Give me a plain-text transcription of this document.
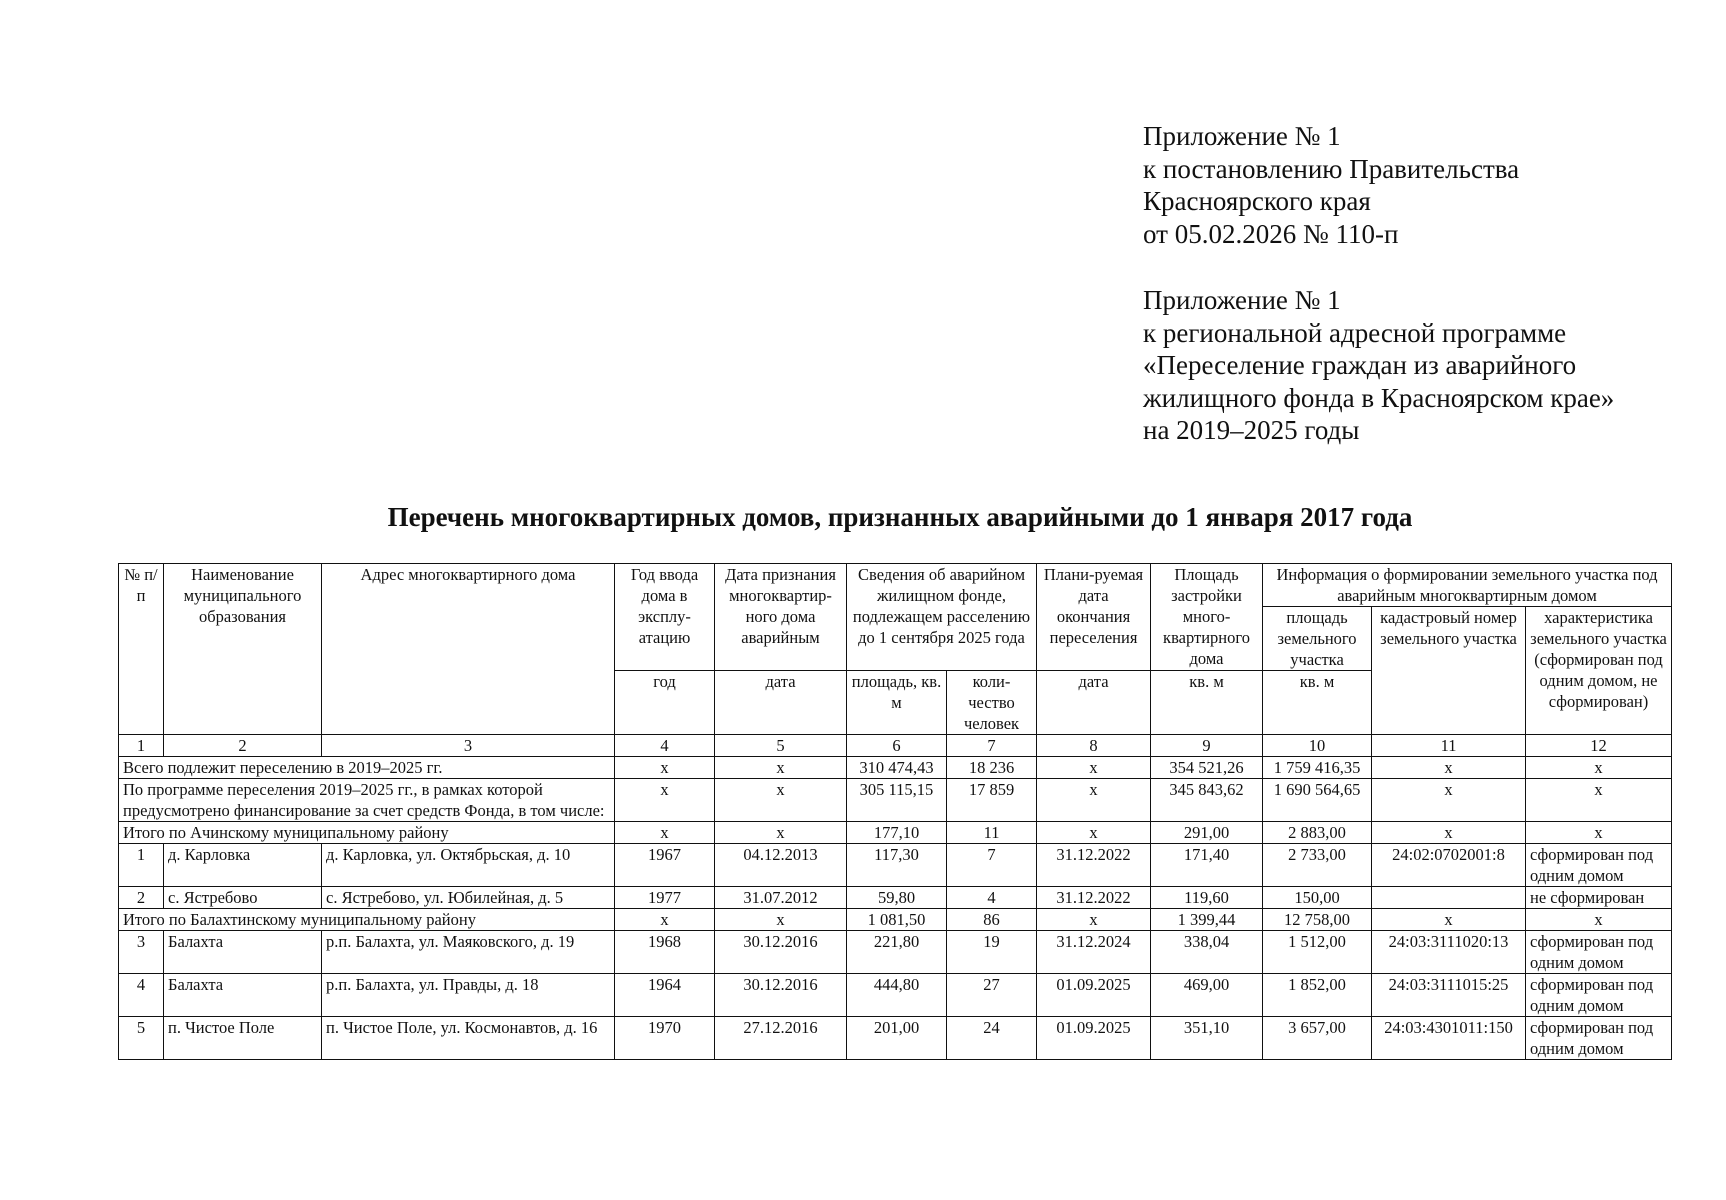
Приложение № 1
к постановлению Правительства
Красноярского края
от 05.02.2026 № 110-п
Приложение № 1
к региональной адресной программе
«Переселение граждан из аварийного
жилищного фонда в Красноярском крае»
на 2019–2025 годы
Перечень многоквартирных домов, признанных аварийными до 1 января 2017 года
№ п/п	Наименование муниципального образования	Адрес многоквартирного дома	Год ввода дома в эксплу-атацию	Дата признания многоквартир-ного дома аварийным	Сведения об аварийном жилищном фонде, подлежащем расселению до 1 сентября 2025 года		Плани-руемая дата окончания переселения	Площадь застройки много-квартирного дома	Информация о формировании земельного участка под аварийным многоквартирным домом		
									площадь земельного участка	кадастровый номер земельного участка	характеристика земельного участка (сформирован под одним домом, не сформирован)
			год	дата	площадь, кв. м	коли-чество человек	дата	кв. м	кв. м		
1	2	3	4	5	6	7	8	9	10	11	12
Всего подлежит переселению в 2019–2025 гг.			х	х	310 474,43	18 236	х	354 521,26	1 759 416,35	х	х
По программе переселения 2019–2025 гг., в рамках которой предусмотрено финансирование за счет средств Фонда, в том числе:			х	х	305 115,15	17 859	х	345 843,62	1 690 564,65	х	х
Итого по Ачинскому муниципальному району			х	х	177,10	11	х	291,00	2 883,00	х	х
1	д. Карловка	д. Карловка, ул. Октябрьская, д. 10	1967	04.12.2013	117,30	7	31.12.2022	171,40	2 733,00	24:02:0702001:8	сформирован под одним домом
2	с. Ястребово	с. Ястребово, ул. Юбилейная, д. 5	1977	31.07.2012	59,80	4	31.12.2022	119,60	150,00		не сформирован
Итого по Балахтинскому муниципальному району			х	х	1 081,50	86	х	1 399,44	12 758,00	х	х
3	Балахта	р.п. Балахта, ул. Маяковского, д. 19	1968	30.12.2016	221,80	19	31.12.2024	338,04	1 512,00	24:03:3111020:13	сформирован под одним домом
4	Балахта	р.п. Балахта, ул. Правды, д. 18	1964	30.12.2016	444,80	27	01.09.2025	469,00	1 852,00	24:03:3111015:25	сформирован под одним домом
5	п. Чистое Поле	п. Чистое Поле, ул. Космонавтов, д. 16	1970	27.12.2016	201,00	24	01.09.2025	351,10	3 657,00	24:03:4301011:150	сформирован под одним домом
